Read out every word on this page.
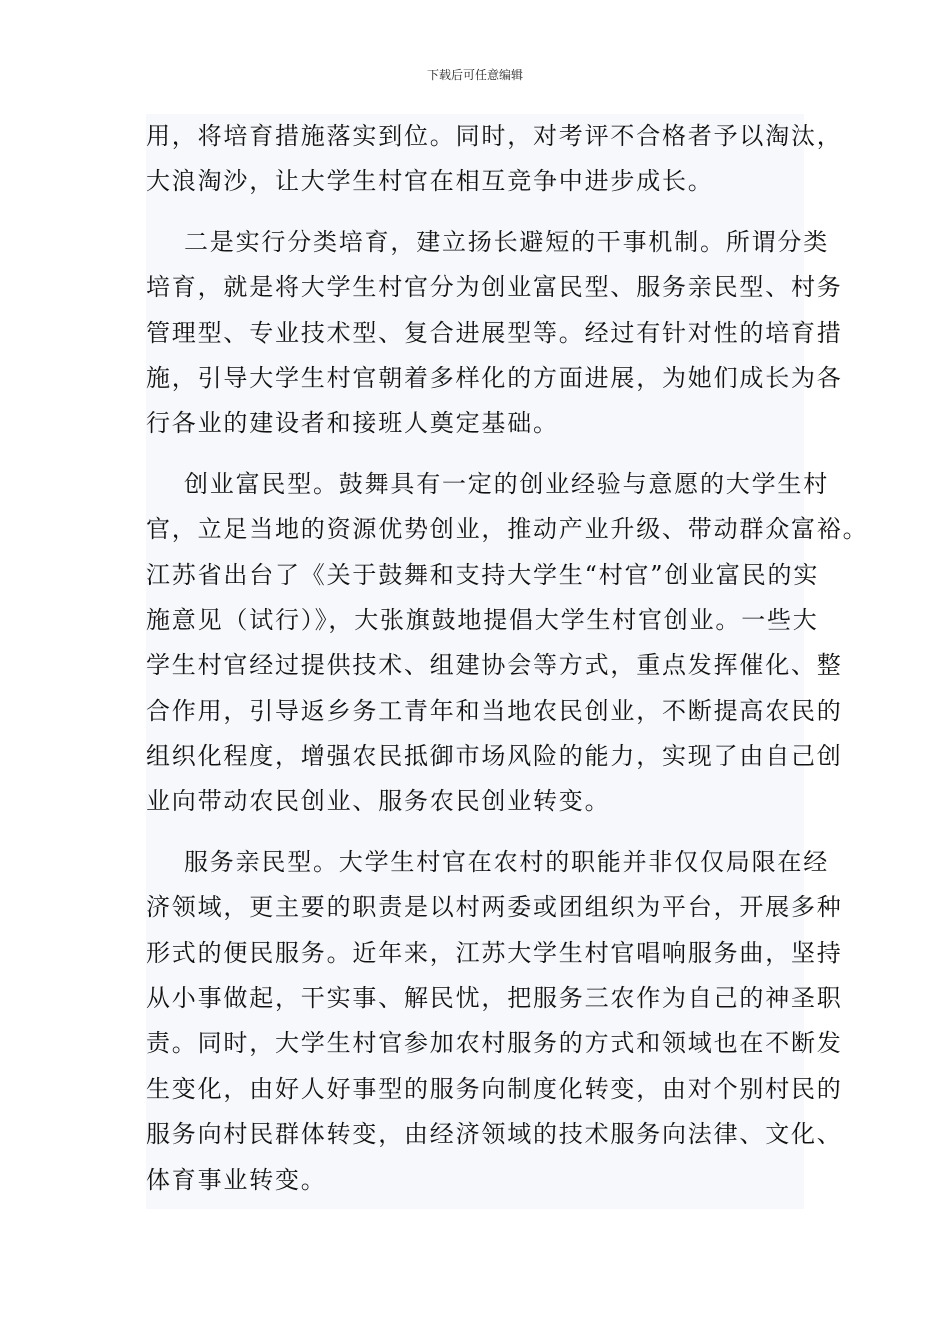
下载后可任意编辑
用，将培育措施落实到位。同时，对考评不合格者予以淘汰，
大浪淘沙，让大学生村官在相互竞争中进步成长。
二是实行分类培育，建立扬长避短的干事机制。所谓分类
培育，就是将大学生村官分为创业富民型、服务亲民型、村务
管理型、专业技术型、复合进展型等。经过有针对性的培育措
施，引导大学生村官朝着多样化的方面进展，为她们成长为各
行各业的建设者和接班人奠定基础。
创业富民型。鼓舞具有一定的创业经验与意愿的大学生村
官，立足当地的资源优势创业，推动产业升级、带动群众富裕。
江苏省出台了《关于鼓舞和支持大学生“村官”创业富民的实
施意见（试行）》，大张旗鼓地提倡大学生村官创业。一些大
学生村官经过提供技术、组建协会等方式，重点发挥催化、整
合作用，引导返乡务工青年和当地农民创业，不断提高农民的
组织化程度，增强农民抵御市场风险的能力，实现了由自己创
业向带动农民创业、服务农民创业转变。
服务亲民型。大学生村官在农村的职能并非仅仅局限在经
济领域，更主要的职责是以村两委或团组织为平台，开展多种
形式的便民服务。近年来，江苏大学生村官唱响服务曲，坚持
从小事做起，干实事、解民忧，把服务三农作为自己的神圣职
责。同时，大学生村官参加农村服务的方式和领域也在不断发
生变化，由好人好事型的服务向制度化转变，由对个别村民的
服务向村民群体转变，由经济领域的技术服务向法律、文化、
体育事业转变。
